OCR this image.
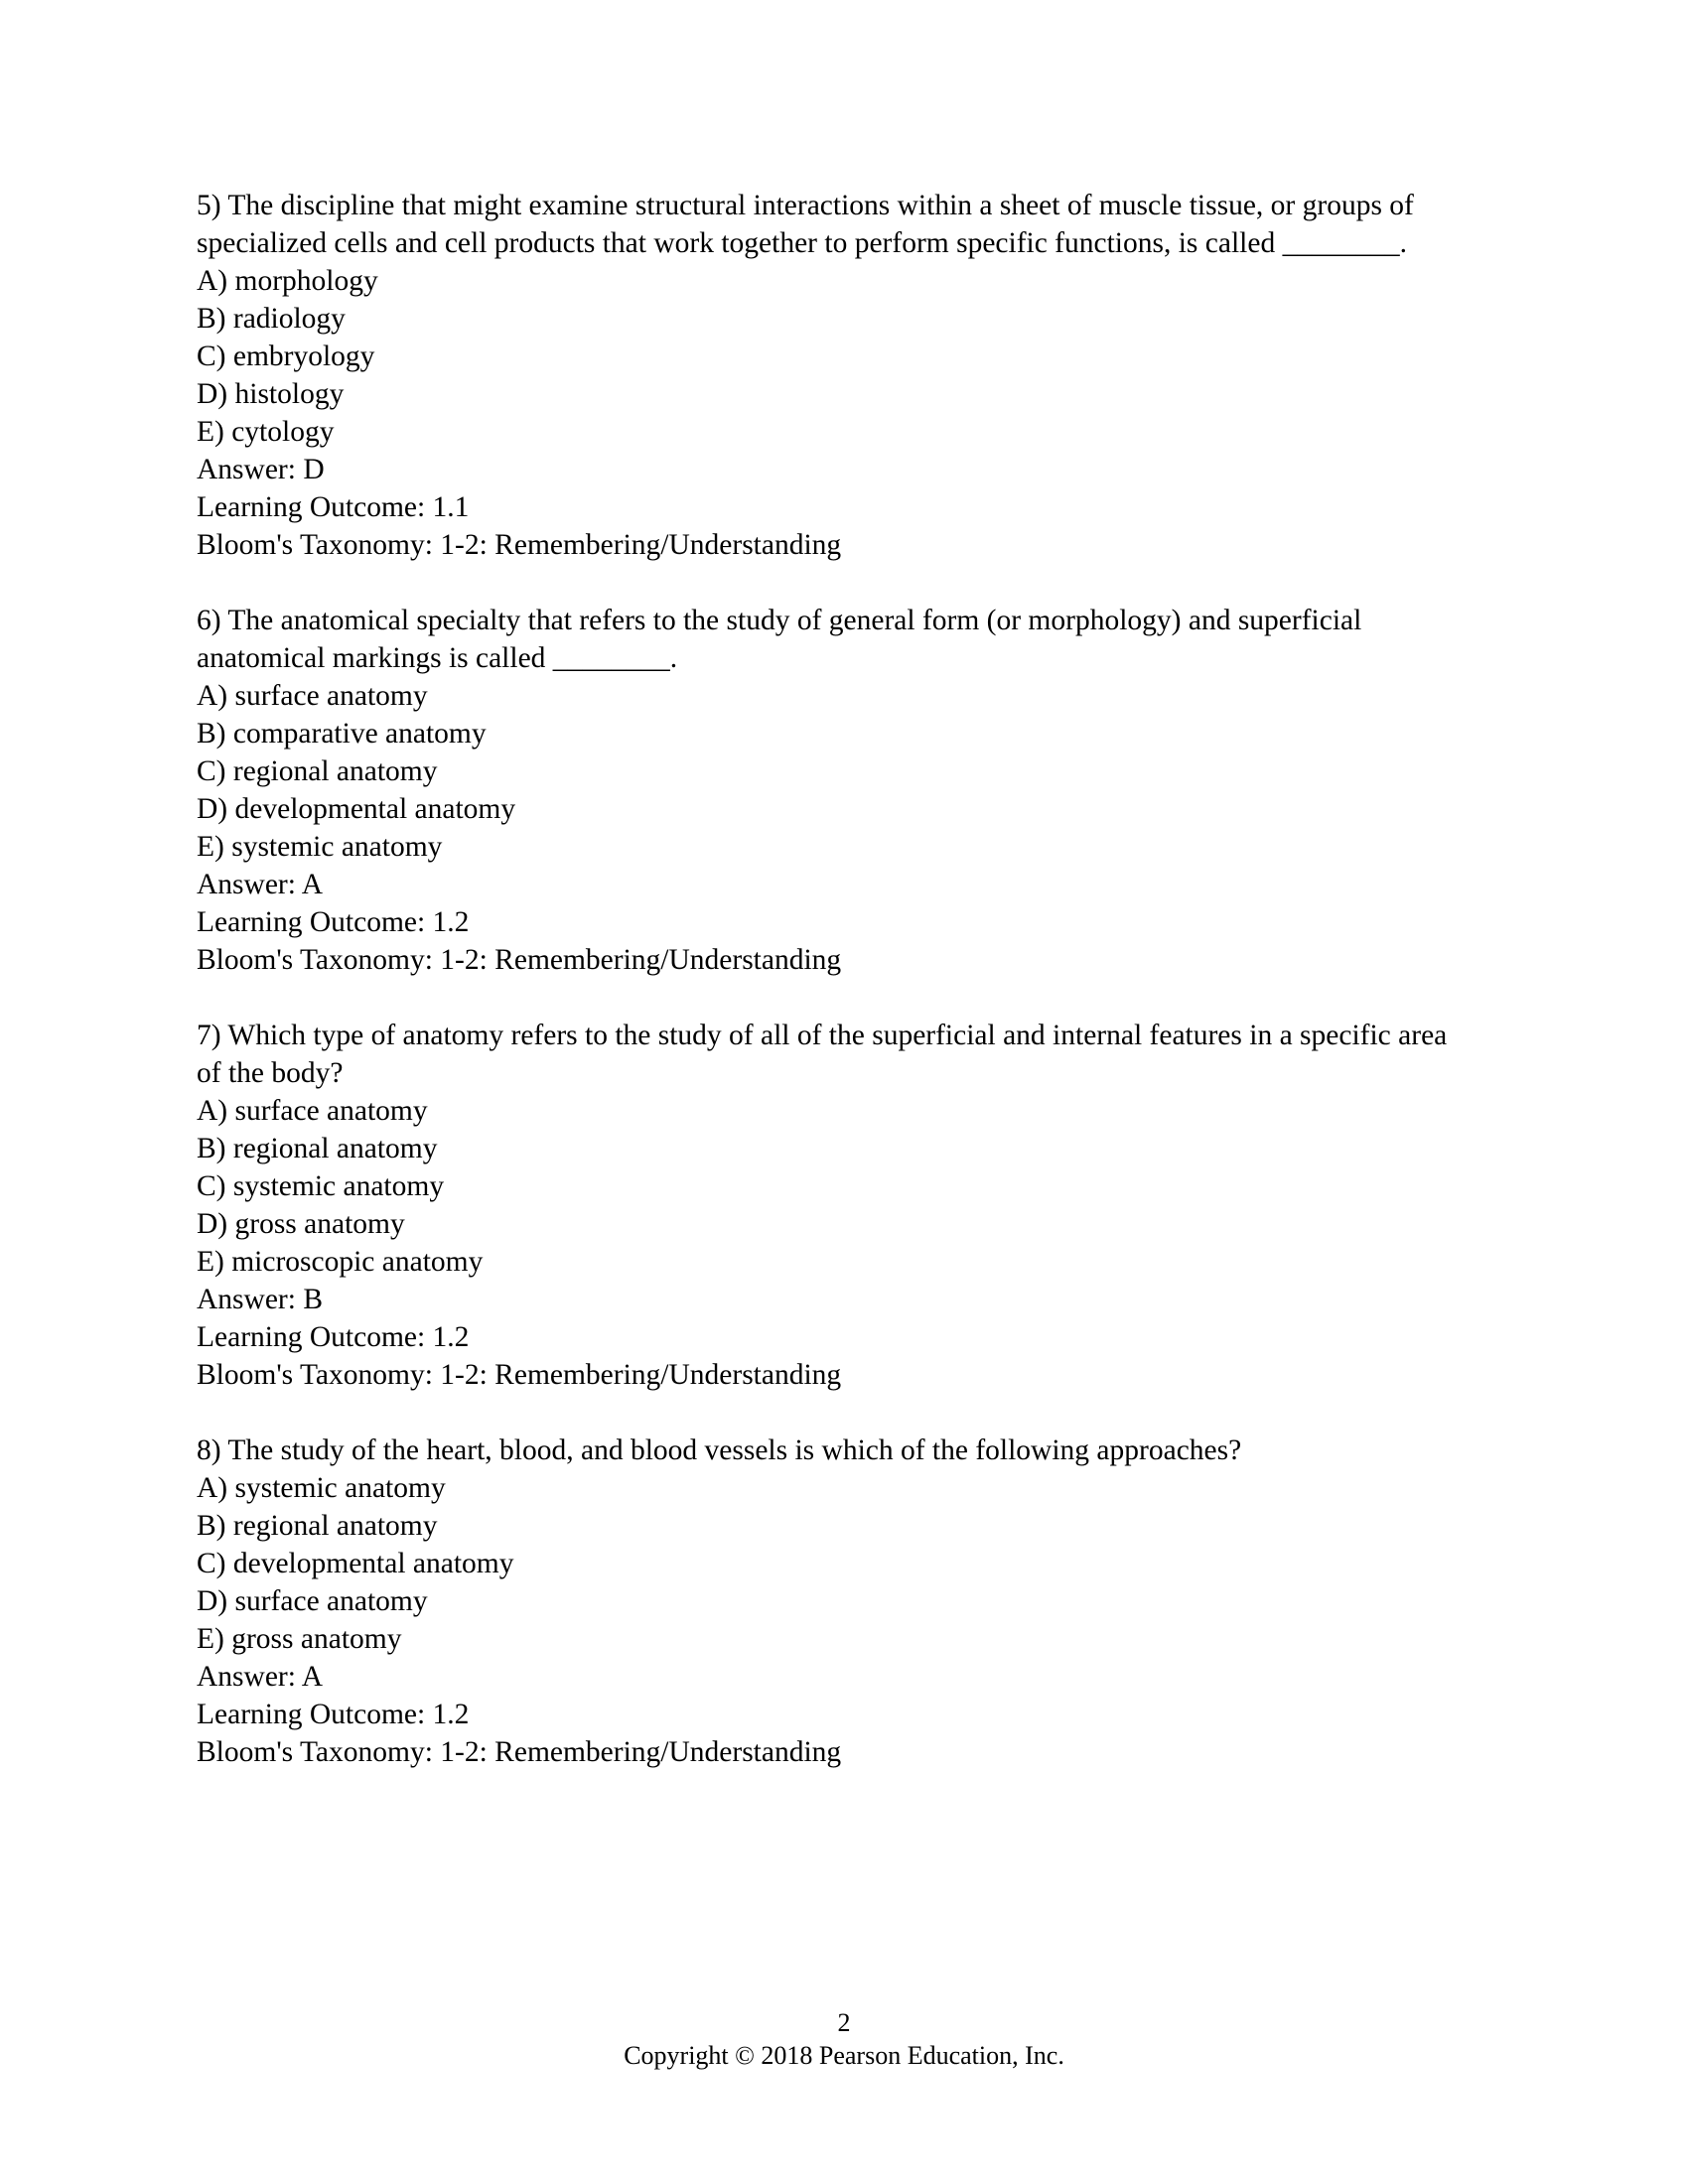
5) The discipline that might examine structural interactions within a sheet of muscle tissue, or groups of specialized cells and cell products that work together to perform specific functions, is called ________.
A) morphology
B) radiology
C) embryology
D) histology
E) cytology
Answer: D
Learning Outcome: 1.1
Bloom's Taxonomy: 1-2: Remembering/Understanding
6) The anatomical specialty that refers to the study of general form (or morphology) and superficial anatomical markings is called ________.
A) surface anatomy
B) comparative anatomy
C) regional anatomy
D) developmental anatomy
E) systemic anatomy
Answer: A
Learning Outcome: 1.2
Bloom's Taxonomy: 1-2: Remembering/Understanding
7) Which type of anatomy refers to the study of all of the superficial and internal features in a specific area of the body?
A) surface anatomy
B) regional anatomy
C) systemic anatomy
D) gross anatomy
E) microscopic anatomy
Answer: B
Learning Outcome: 1.2
Bloom's Taxonomy: 1-2: Remembering/Understanding
8) The study of the heart, blood, and blood vessels is which of the following approaches?
A) systemic anatomy
B) regional anatomy
C) developmental anatomy
D) surface anatomy
E) gross anatomy
Answer: A
Learning Outcome: 1.2
Bloom's Taxonomy: 1-2: Remembering/Understanding
2
Copyright © 2018 Pearson Education, Inc.
